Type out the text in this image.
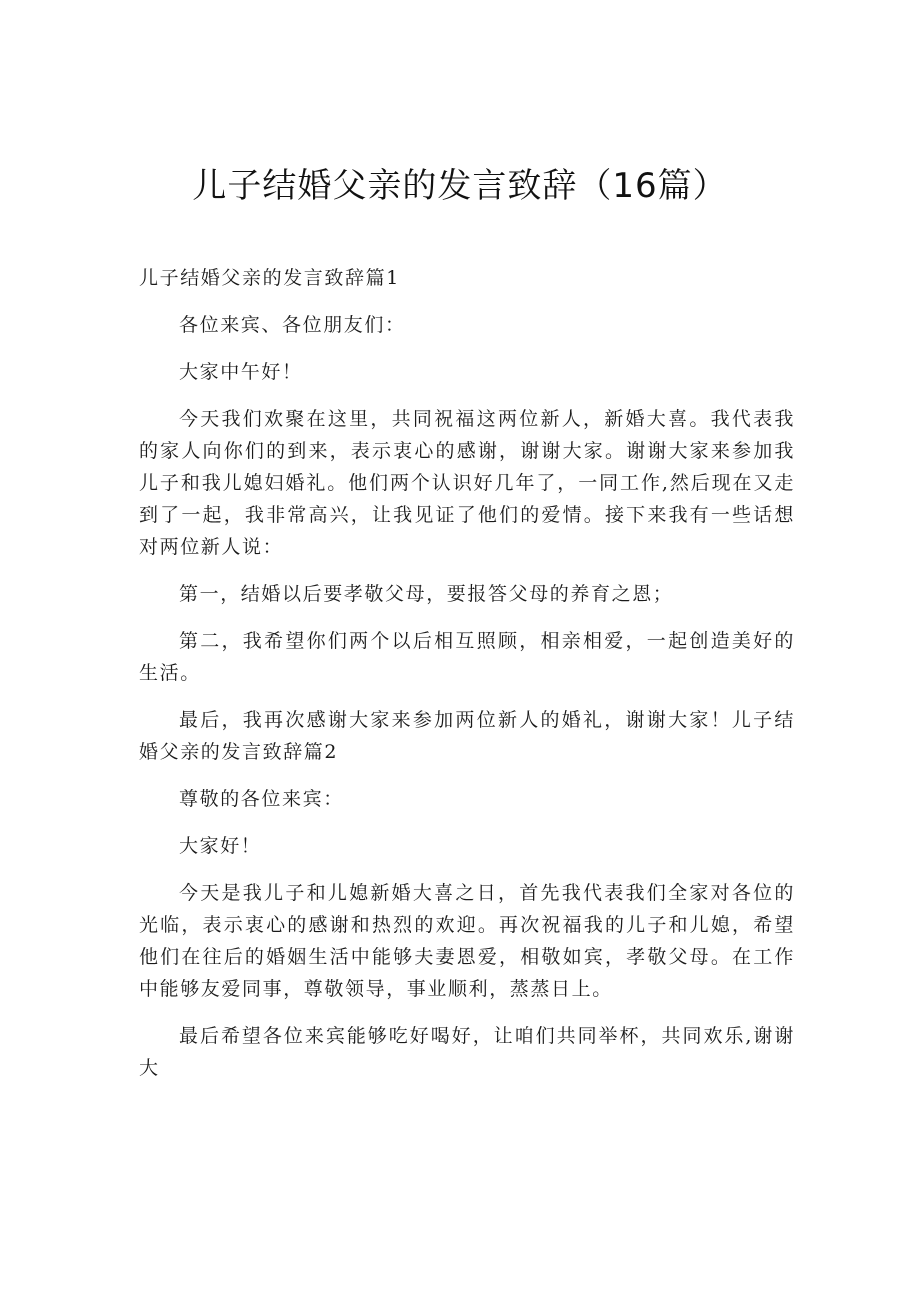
儿子结婚父亲的发言致辞（16篇）

儿子结婚父亲的发言致辞篇1

各位来宾、各位朋友们：

大家中午好！

今天我们欢聚在这里，共同祝福这两位新人，新婚大喜。我代表我的家人向你们的到来，表示衷心的感谢，谢谢大家。谢谢大家来参加我儿子和我儿媳妇婚礼。他们两个认识好几年了，一同工作,然后现在又走到了一起，我非常高兴，让我见证了他们的爱情。接下来我有一些话想对两位新人说：

第一，结婚以后要孝敬父母，要报答父母的养育之恩；

第二，我希望你们两个以后相互照顾，相亲相爱，一起创造美好的生活。

最后，我再次感谢大家来参加两位新人的婚礼，谢谢大家！儿子结婚父亲的发言致辞篇2

尊敬的各位来宾：

大家好！

今天是我儿子和儿媳新婚大喜之日，首先我代表我们全家对各位的光临，表示衷心的感谢和热烈的欢迎。再次祝福我的儿子和儿媳，希望他们在往后的婚姻生活中能够夫妻恩爱，相敬如宾，孝敬父母。在工作中能够友爱同事，尊敬领导，事业顺利，蒸蒸日上。

最后希望各位来宾能够吃好喝好，让咱们共同举杯，共同欢乐,谢谢大
